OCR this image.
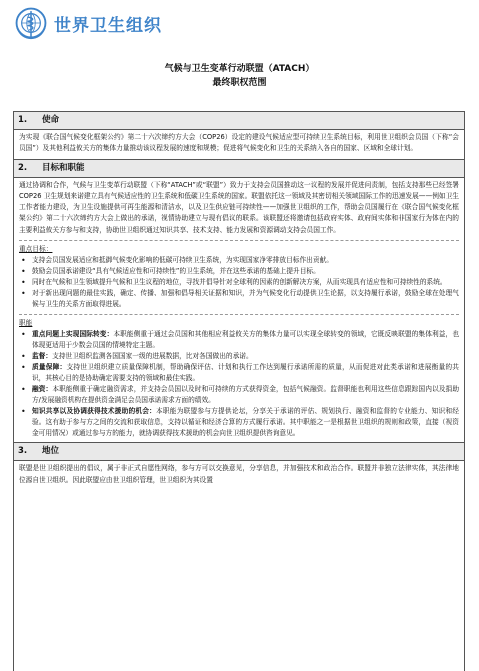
世界卫生组织
气候与卫生变革行动联盟（ATACH）
最终职权范围
1. 使命
为实现《联合国气候变化框架公约》第二十六次缔约方大会（COP26）设定的建设气候适应型可持续卫生系统目标，利用世卫组织会员国（下称“会员国”）及其他利益攸关方的集体力量推动该议程发展的速度和规模；促进将气候变化和卫生的关系纳入各自的国家、区域和全球计划。
2. 目标和职能
通过协调和合作，气候与卫生变革行动联盟（下称“ATACH”或“联盟”）致力于支持会员国推动这一议程的发展并促进问责制，包括支持那些已经签署 COP26 卫生规划来诺建立具有气候适应性的卫生系统和低碳卫生系统的国家。联盟依托这一领域及其密切相关领域国际工作的迅速发展——例如卫生工作者能力建设，为卫生设施提供可再生能源和清洁水，以及卫生供应链可持续性——加强世卫组织的工作，帮助会员国履行在《联合国气候变化框架公约》第二十六次缔约方大会上做出的承诺，视情协助建立与现有倡议的联系。该联盟还将邀请包括政府实体、政府间实体和非国家行为体在内的主要利益攸关方参与和支持，协助世卫组织通过知识共享、技术支持、能力发展和资源调动支持会员国工作。
重点目标：
• 支持会员国发展适应和抵御气候变化影响的低碳可持续卫生系统，为实现国家净零排放目标作出贡献。
• 鼓励会员国承诺建设“具有气候适应性和可持续性”的卫生系统，并在这些承诺的基础上提升目标。
• 同时在气候和卫生领域提升气候和卫生议程的地位，寻找并倡导针对全球利的因素的创新解决方案，从而实现具有适应性和可持续性的系统。
• 对于新出现问题的最佳实践，确定、传播、加强和倡导相关证据和知识，并为气候变化行动提供卫生论据，以支持履行承诺，鼓励全球在处理气候与卫生的关系方面取得进展。
职能
• 重点问题上实现国际转变：本职能侧重于通过会员国和其他相应利益攸关方的集体力量可以实现全球转变的领域，它既反映联盟的集体利益，也体现更适用于少数会员国的情境特定主题。
• 监督：支持世卫组织监测各国国家一级的进展数据，比对各国做出的承诺。
• 质量保障：支持世卫组织建立质量保障机制，帮助确保评估、计划和执行工作达到履行承诺所需的质量，从而促进对此类承诺和进展衡量的共识，其核心目的是协助确定需要支持的领域和最佳实践。
• 融资：本职能侧重于确定融资需求，并支持会员国以及时和可持续的方式获得资金，包括气候融资。监督职能也利用这些信息跟踪国内以及捐助方/发展融资机构在提供资金满足会员国承诺需求方面的绩效。
• 知识共享以及协调获得技术援助的机会：本职能为联盟参与方提供论坛，分享关于承诺的评估、规划执行、融资和监督的专业能力、知识和经验。这有助于参与方之间的交流和获取信息，支持以循证和经济合算的方式履行承诺。其中职能之一是根据世卫组织的规则和政策，直接（视资金可用情况）或通过参与方的能力，就协调获得技术援助的机会向世卫组织提供咨询意见。
3. 地位
联盟是世卫组织提出的倡议，属于非正式自愿性网络，参与方可以交换意见，分享信息，并加强技术和政治合作。联盟并非独立法律实体，其法律地位源自世卫组织。因此联盟应由世卫组织管理，世卫组织为其设置
